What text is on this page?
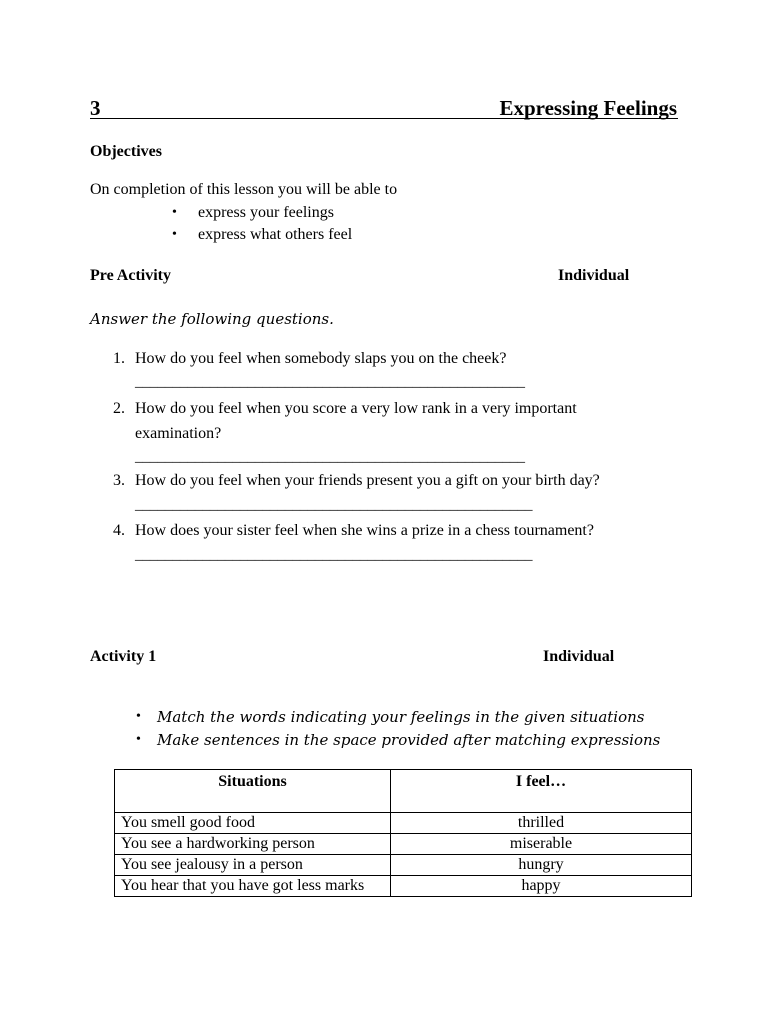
3	Expressing Feelings
Objectives
On completion of this lesson you will be able to
• express your feelings
• express what others feel
Pre Activity	Individual
Answer the following questions.
1. How do you feel when somebody slaps you on the cheek?
____________________________________________________
2. How do you feel when you score a very low rank in a very important
examination?
____________________________________________________
3. How do you feel when your friends present you a gift on your birth day?
_____________________________________________________
4. How does your sister feel when she wins a prize in a chess tournament?
_____________________________________________________
Activity 1	Individual
• Match the words indicating your feelings in the given situations
• Make sentences in the space provided after matching expressions
Situations	I feel…
You smell good food	thrilled
You see a hardworking person	miserable
You see jealousy in a person	hungry
You hear that you have got less marks	happy
